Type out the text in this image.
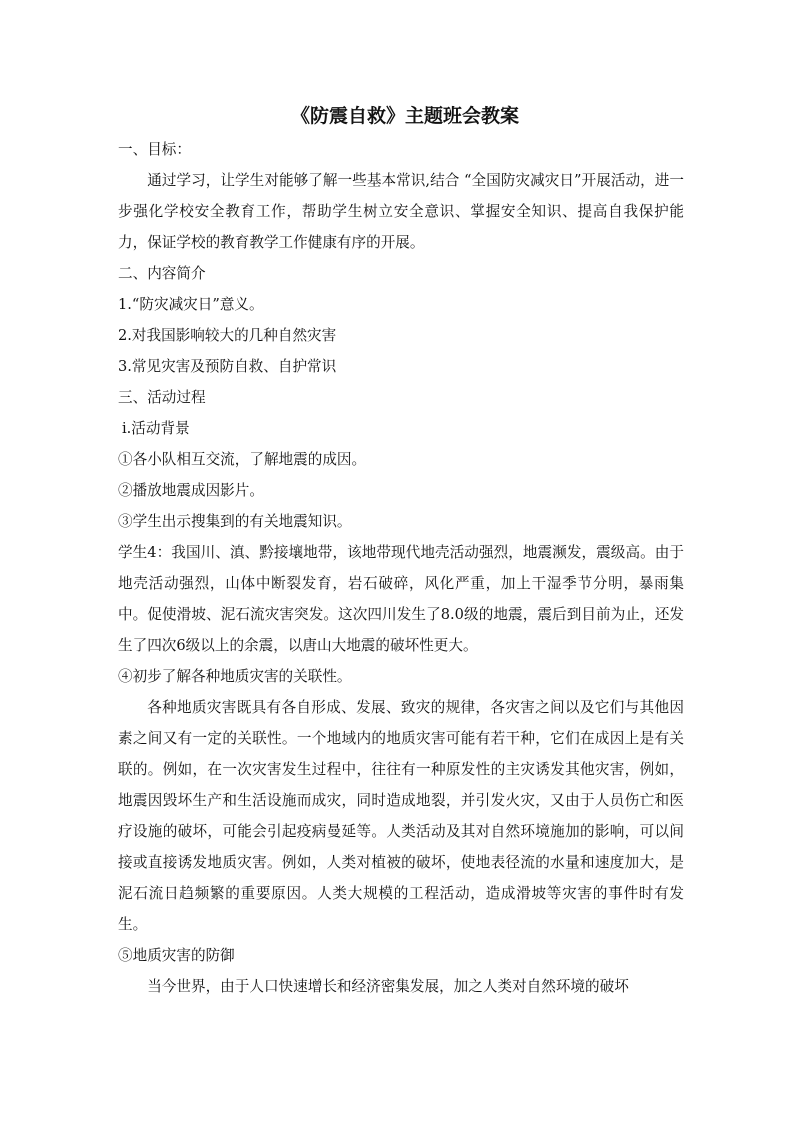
《防震自救》主题班会教案

一、目标：

通过学习，让学生对能够了解一些基本常识,结合 “全国防灾减灾日”开展活动，进一步强化学校安全教育工作，帮助学生树立安全意识、掌握安全知识、提高自我保护能力，保证学校的教育教学工作健康有序的开展。

二、内容简介

1.“防灾减灾日”意义。

2.对我国影响较大的几种自然灾害

3.常见灾害及预防自救、自护常识

三、活动过程

ⅰ.活动背景

①各小队相互交流，了解地震的成因。

②播放地震成因影片。

③学生出示搜集到的有关地震知识。

学生4：我国川、滇、黔接壤地带，该地带现代地壳活动强烈，地震濒发，震级高。由于地壳活动强烈，山体中断裂发育，岩石破碎，风化严重，加上干湿季节分明，暴雨集中。促使滑坡、泥石流灾害突发。这次四川发生了8.0级的地震，震后到目前为止，还发生了四次6级以上的余震，以唐山大地震的破坏性更大。

④初步了解各种地质灾害的关联性。

各种地质灾害既具有各自形成、发展、致灾的规律，各灾害之间以及它们与其他因素之间又有一定的关联性。一个地域内的地质灾害可能有若干种，它们在成因上是有关联的。例如，在一次灾害发生过程中，往往有一种原发性的主灾诱发其他灾害，例如，地震因毁坏生产和生活设施而成灾，同时造成地裂，并引发火灾，又由于人员伤亡和医疗设施的破坏，可能会引起疫病曼延等。人类活动及其对自然环境施加的影响，可以间接或直接诱发地质灾害。例如，人类对植被的破坏，使地表径流的水量和速度加大，是泥石流日趋频繁的重要原因。人类大规模的工程活动，造成滑坡等灾害的事件时有发生。

⑤地质灾害的防御

当今世界，由于人口快速增长和经济密集发展，加之人类对自然环境的破坏
